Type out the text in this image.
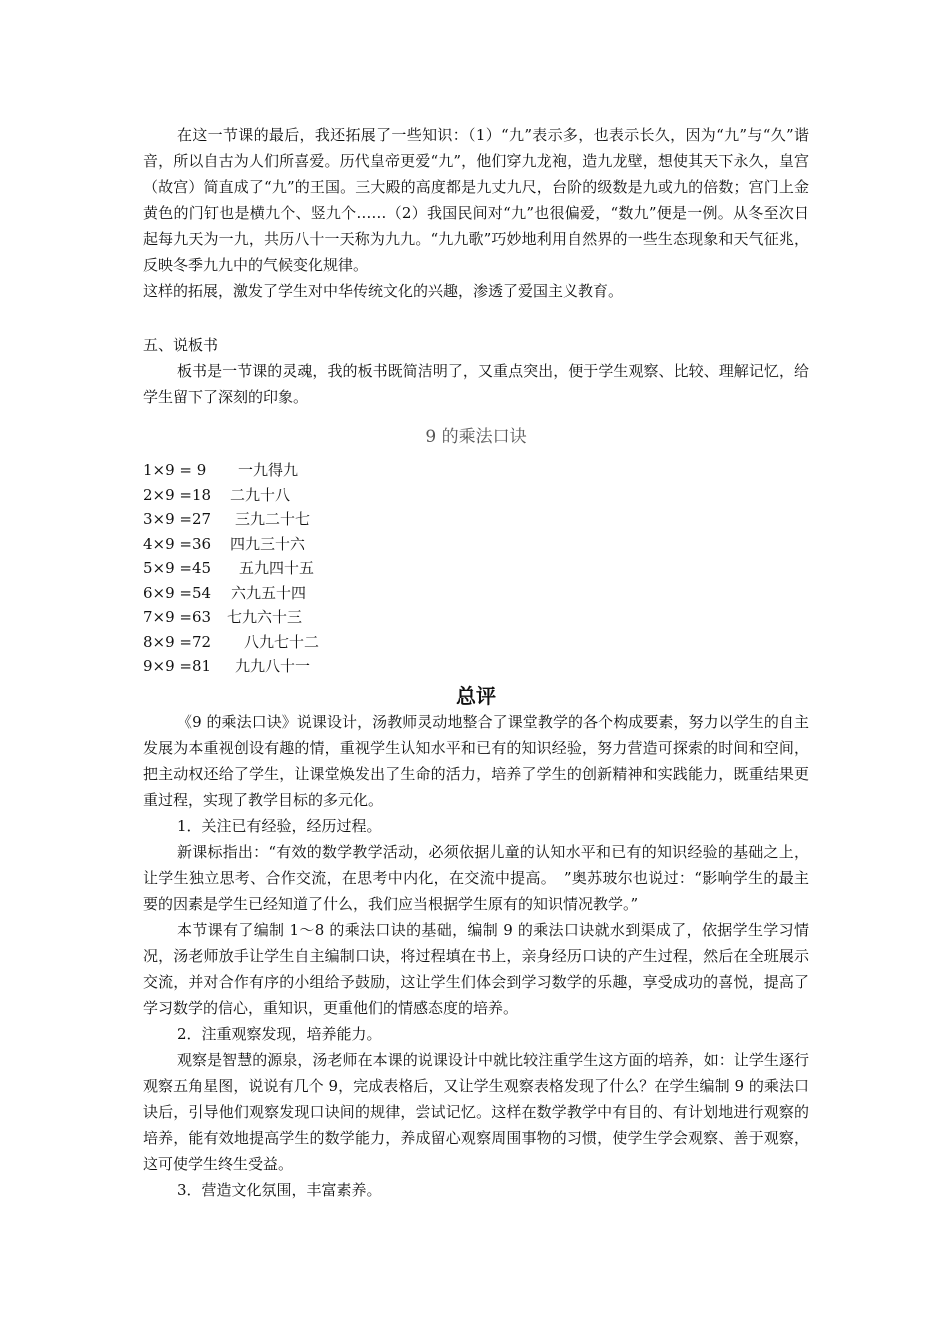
在这一节课的最后，我还拓展了一些知识：（1）“九”表示多，也表示长久，因为“九”与“久”谐音，所以自古为人们所喜爱。历代皇帝更爱“九”，他们穿九龙袍，造九龙壁，想使其天下永久，皇宫（故宫）简直成了“九”的王国。三大殿的高度都是九丈九尺，台阶的级数是九或九的倍数；宫门上金黄色的门钉也是横九个、竖九个……（2）我国民间对“九”也很偏爱，“数九”便是一例。从冬至次日起每九天为一九，共历八十一天称为九九。“九九歌”巧妙地利用自然界的一些生态现象和天气征兆，反映冬季九九中的气候变化规律。

这样的拓展，激发了学生对中华传统文化的兴趣，渗透了爱国主义教育。

五、说板书

板书是一节课的灵魂，我的板书既简洁明了，又重点突出，便于学生观察、比较、理解记忆，给学生留下了深刻的印象。

9 的乘法口诀
1×9 = 9 一九得九
2×9 =18 二九十八
3×9 =27 三九二十七
4×9 =36 四九三十六
5×9 =45 五九四十五
6×9 =54 六九五十四
7×9 =63 七九六十三
8×9 =72 八九七十二
9×9 =81 九九八十一
总评

《9 的乘法口诀》说课设计，汤教师灵动地整合了课堂教学的各个构成要素，努力以学生的自主发展为本重视创设有趣的情，重视学生认知水平和已有的知识经验，努力营造可探索的时间和空间，把主动权还给了学生，让课堂焕发出了生命的活力，培养了学生的创新精神和实践能力，既重结果更重过程，实现了教学目标的多元化。

1．关注已有经验，经历过程。

新课标指出：“有效的数学教学活动，必须依据儿童的认知水平和已有的知识经验的基础之上，让学生独立思考、合作交流，在思考中内化，在交流中提高。　”奥苏玻尔也说过：“影响学生的最主要的因素是学生已经知道了什么，我们应当根据学生原有的知识情况教学。”

本节课有了编制 1～8 的乘法口诀的基础，编制 9 的乘法口诀就水到渠成了，依据学生学习情况，汤老师放手让学生自主编制口诀，将过程填在书上，亲身经历口诀的产生过程，然后在全班展示交流，并对合作有序的小组给予鼓励，这让学生们体会到学习数学的乐趣，享受成功的喜悦，提高了学习数学的信心，重知识，更重他们的情感态度的培养。

2．注重观察发现，培养能力。

观察是智慧的源泉，汤老师在本课的说课设计中就比较注重学生这方面的培养，如：让学生逐行观察五角星图，说说有几个 9，完成表格后，又让学生观察表格发现了什么？在学生编制 9 的乘法口诀后，引导他们观察发现口诀间的规律，尝试记忆。这样在数学教学中有目的、有计划地进行观察的培养，能有效地提高学生的数学能力，养成留心观察周围事物的习惯，使学生学会观察、善于观察，这可使学生终生受益。

3．营造文化氛围，丰富素养。
